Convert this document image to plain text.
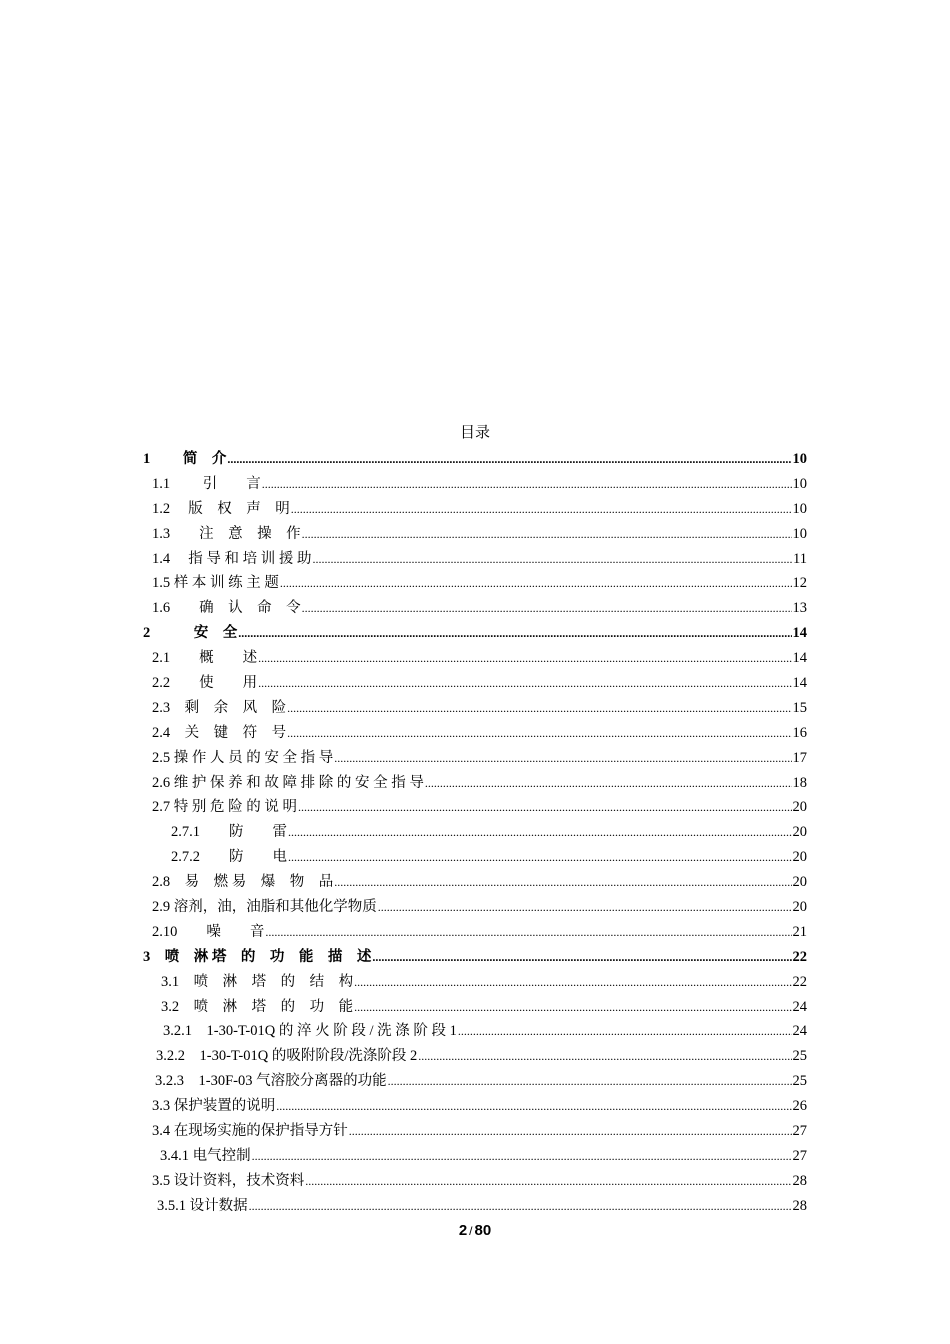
目录
1　　 简　介 .....	10
1.1　　 引　　言 .....	10
1.2　 版　权　声　明 .....	10
1.3　　注　意　操　作 .....	10
1.4　 指 导 和 培 训 援 助 .....	11
1.5 样 本 训 练 主 题 .....	12
1.6　　确　认　命　令 .....	13
2　　　安　全 .....	14
2.1　　概　　述 .....	14
2.2　　使　　用 .....	14
2.3　剩　余　风　险 .....	15
2.4　关　键　符　号 .....	16
2.5 操 作 人 员 的 安 全 指 导 .....	17
2.6 维 护 保 养 和 故 障 排 除 的 安 全 指 导 .....	18
2.7 特 别 危 险 的 说 明 .....	20
2.7.1　　防　　雷 .....	20
2.7.2　　防　　电 .....	20
2.8　易　燃 易　爆　物　品 .....	20
2.9 溶剂，油，油脂和其他化学物质 .....	20
2.10　　噪　　音 .....	21
3　喷　淋 塔　的　功　能　描　述 .....	22
3.1　喷　淋　塔　的　结　构 .....	22
3.2　喷　淋　塔　的　功　能 .....	24
3.2.1　1-30-T-01Q 的 淬 火 阶 段 / 洗 涤 阶 段 1 .....	24
3.2.2　1-30-T-01Q 的吸附阶段/洗涤阶段 2 .....	25
3.2.3　1-30F-03 气溶胶分离器的功能 .....	25
3.3 保护装置的说明 .....	26
3.4 在现场实施的保护指导方针 .....	27
3.4.1 电气控制 .....	27
3.5 设计资料，技术资料 .....	28
3.5.1 设计数据 .....	28
2 / 80
